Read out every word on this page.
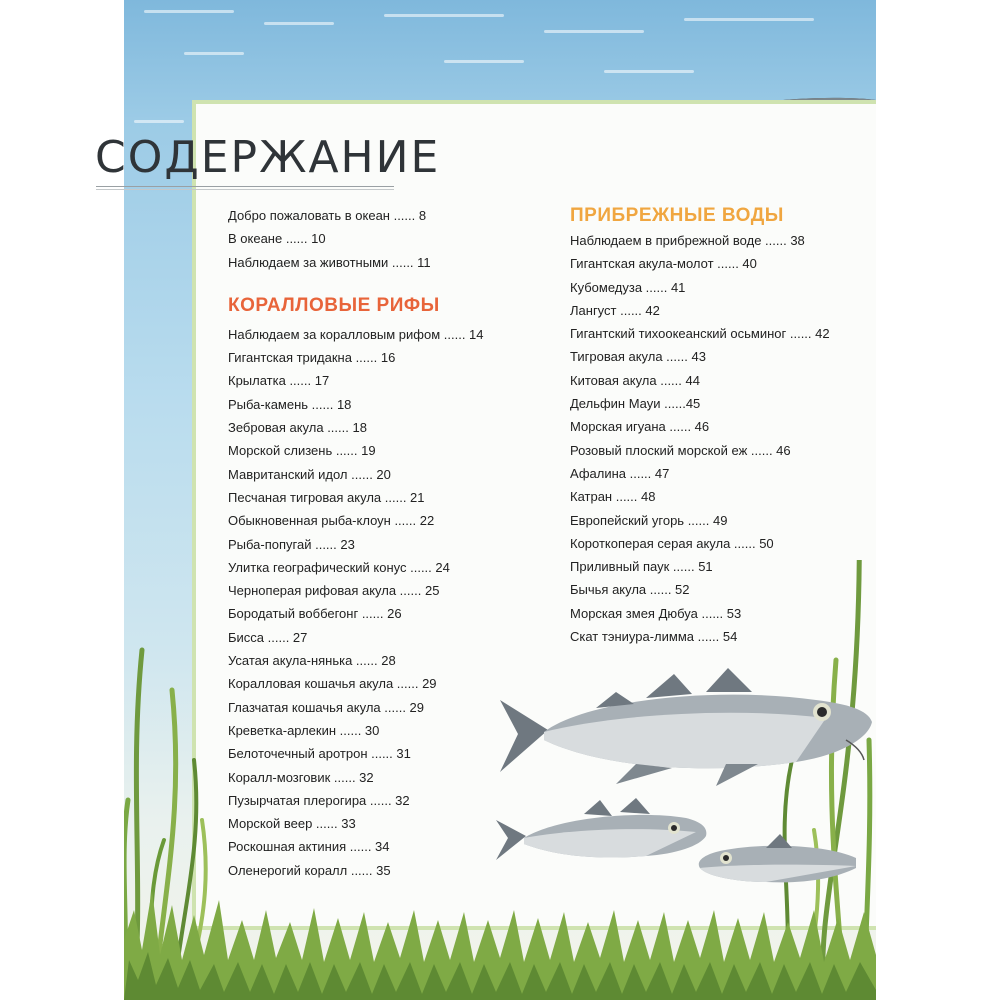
СОДЕРЖАНИЕ
Добро пожаловать в океан ...... 8
В океане ...... 10
Наблюдаем за животными ...... 11
КОРАЛЛОВЫЕ РИФЫ
Наблюдаем за коралловым рифом ...... 14
Гигантская тридакна ...... 16
Крылатка ...... 17
Рыба-камень ...... 18
Зебровая акула ...... 18
Морской слизень ...... 19
Мавританский идол ...... 20
Песчаная тигровая акула ...... 21
Обыкновенная рыба-клоун ...... 22
Рыба-попугай ...... 23
Улитка географический конус ...... 24
Черноперая рифовая акула ...... 25
Бородатый воббегонг ...... 26
Бисса ...... 27
Усатая акула-нянька ...... 28
Коралловая кошачья акула ...... 29
Глазчатая кошачья акула ...... 29
Креветка-арлекин ...... 30
Белоточечный аротрон ...... 31
Коралл-мозговик ...... 32
Пузырчатая плерогира ...... 32
Морской веер ...... 33
Роскошная актиния ...... 34
Оленерогий коралл ...... 35
ПРИБРЕЖНЫЕ ВОДЫ
Наблюдаем в прибрежной воде ...... 38
Гигантская акула-молот ...... 40
Кубомедуза ...... 41
Лангуст ...... 42
Гигантский тихоокеанский осьминог ...... 42
Тигровая акула ...... 43
Китовая акула ...... 44
Дельфин Мауи ......45
Морская игуана ...... 46
Розовый плоский морской еж ...... 46
Афалина ...... 47
Катран ...... 48
Европейский угорь ...... 49
Короткоперая серая акула ...... 50
Приливный паук ...... 51
Бычья акула ...... 52
Морская змея Дюбуа ...... 53
Скат тэниура-лимма ...... 54
